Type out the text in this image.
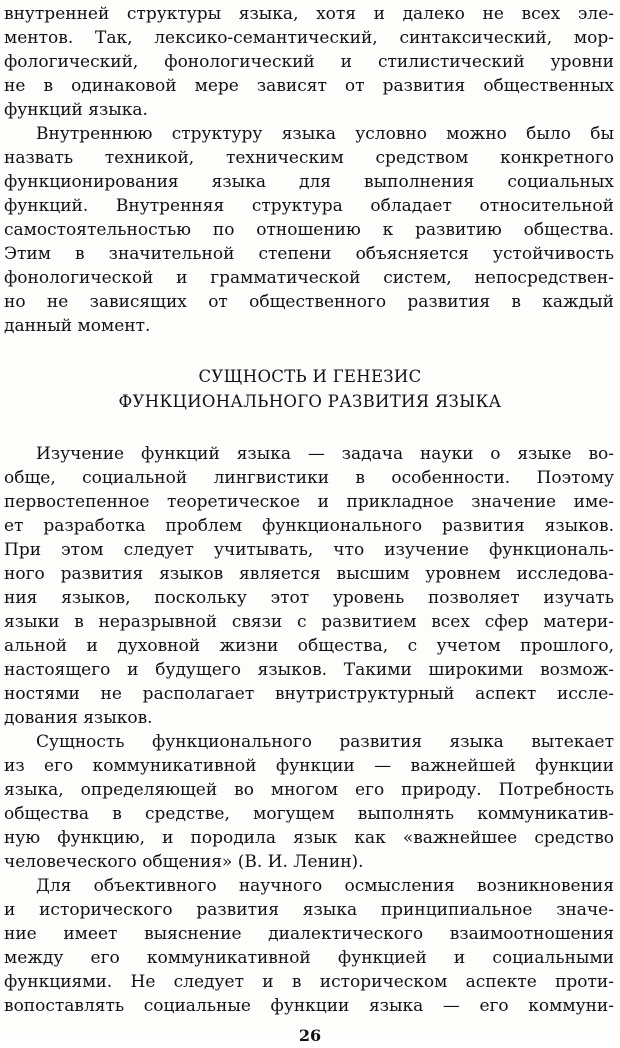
внутренней структуры языка, хотя и далеко не всех эле-
ментов. Так, лексико-семантический, синтаксический, мор-
фологический, фонологический и стилистический уровни
не в одинаковой мере зависят от развития общественных
функций языка.
Внутреннюю структуру языка условно можно было бы
назвать техникой, техническим средством конкретного
функционирования языка для выполнения социальных
функций. Внутренняя структура обладает относительной
самостоятельностью по отношению к развитию общества.
Этим в значительной степени объясняется устойчивость
фонологической и грамматической систем, непосредствен-
но не зависящих от общественного развития в каждый
данный момент.
СУЩНОСТЬ И ГЕНЕЗИС
ФУНКЦИОНАЛЬНОГО РАЗВИТИЯ ЯЗЫКА
Изучение функций языка — задача науки о языке во-
обще, социальной лингвистики в особенности. Поэтому
первостепенное теоретическое и прикладное значение име-
ет разработка проблем функционального развития языков.
При этом следует учитывать, что изучение функциональ-
ного развития языков является высшим уровнем исследова-
ния языков, поскольку этот уровень позволяет изучать
языки в неразрывной связи с развитием всех сфер матери-
альной и духовной жизни общества, с учетом прошлого,
настоящего и будущего языков. Такими широкими возмож-
ностями не располагает внутриструктурный аспект иссле-
дования языков.
Сущность функционального развития языка вытекает
из его коммуникативной функции — важнейшей функции
языка, определяющей во многом его природу. Потребность
общества в средстве, могущем выполнять коммуникатив-
ную функцию, и породила язык как «важнейшее средство
человеческого общения» (В. И. Ленин).
Для объективного научного осмысления возникновения
и исторического развития языка принципиальное значе-
ние имеет выяснение диалектического взаимоотношения
между его коммуникативной функцией и социальными
функциями. Не следует и в историческом аспекте проти-
вопоставлять социальные функции языка — его коммуни-
26
